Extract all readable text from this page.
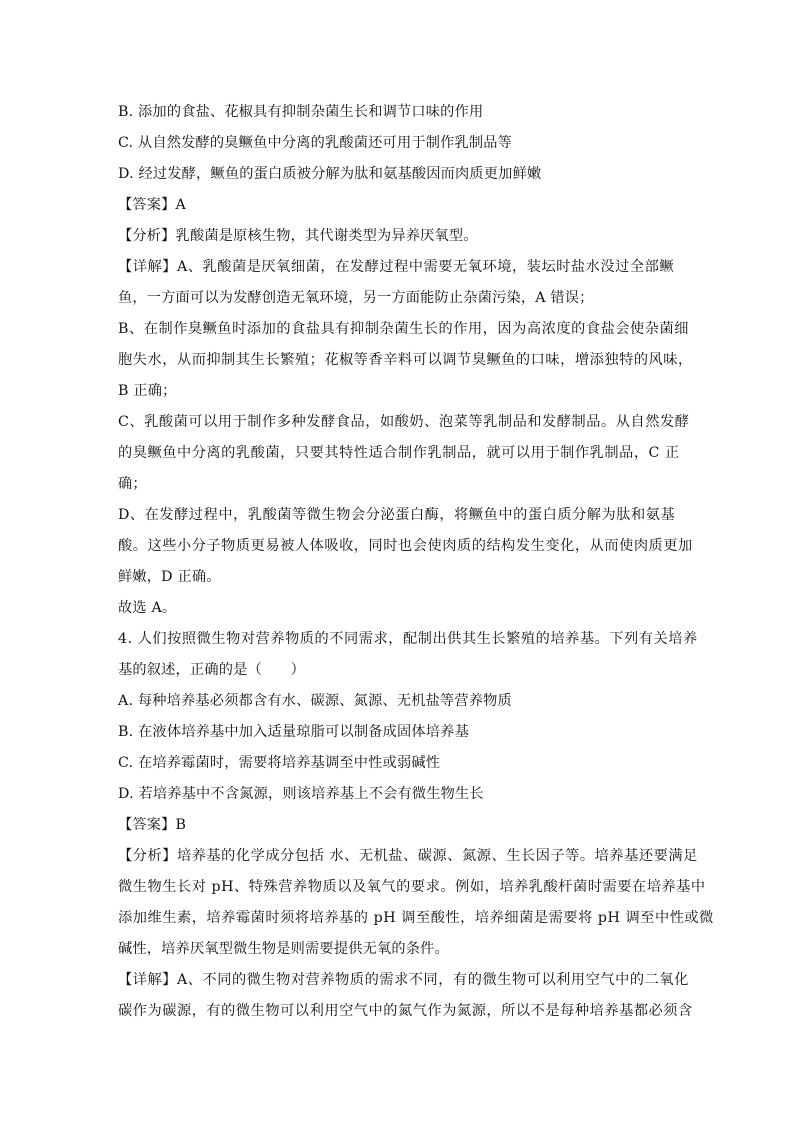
B. 添加的食盐、花椒具有抑制杂菌生长和调节口味的作用
C. 从自然发酵的臭鳜鱼中分离的乳酸菌还可用于制作乳制品等
D. 经过发酵，鳜鱼的蛋白质被分解为肽和氨基酸因而肉质更加鲜嫩
【答案】A
【分析】乳酸菌是原核生物，其代谢类型为异养厌氧型。
【详解】A、乳酸菌是厌氧细菌，在发酵过程中需要无氧环境，装坛时盐水没过全部鳜
鱼，一方面可以为发酵创造无氧环境，另一方面能防止杂菌污染，A 错误；
B、在制作臭鳜鱼时添加的食盐具有抑制杂菌生长的作用，因为高浓度的食盐会使杂菌细
胞失水，从而抑制其生长繁殖；花椒等香辛料可以调节臭鳜鱼的口味，增添独特的风味，
B 正确；
C、乳酸菌可以用于制作多种发酵食品，如酸奶、泡菜等乳制品和发酵制品。从自然发酵
的臭鳜鱼中分离的乳酸菌，只要其特性适合制作乳制品，就可以用于制作乳制品，C 正
确；
D、在发酵过程中，乳酸菌等微生物会分泌蛋白酶，将鳜鱼中的蛋白质分解为肽和氨基
酸。这些小分子物质更易被人体吸收，同时也会使肉质的结构发生变化，从而使肉质更加
鲜嫩，D 正确。
故选 A。
4. 人们按照微生物对营养物质的不同需求，配制出供其生长繁殖的培养基。下列有关培养
基的叙述，正确的是（　　）
A. 每种培养基必须都含有水、碳源、氮源、无机盐等营养物质
B. 在液体培养基中加入适量琼脂可以制备成固体培养基
C. 在培养霉菌时，需要将培养基调至中性或弱碱性
D. 若培养基中不含氮源，则该培养基上不会有微生物生长
【答案】B
【分析】培养基的化学成分包括 水、无机盐、碳源、氮源、生长因子等。培养基还要满足
微生物生长对 pH、特殊营养物质以及氧气的要求。例如，培养乳酸杆菌时需要在培养基中
添加维生素，培养霉菌时须将培养基的 pH 调至酸性，培养细菌是需要将 pH 调至中性或微
碱性，培养厌氧型微生物是则需要提供无氧的条件。
【详解】A、不同的微生物对营养物质的需求不同，有的微生物可以利用空气中的二氧化
碳作为碳源，有的微生物可以利用空气中的氮气作为氮源，所以不是每种培养基都必须含
